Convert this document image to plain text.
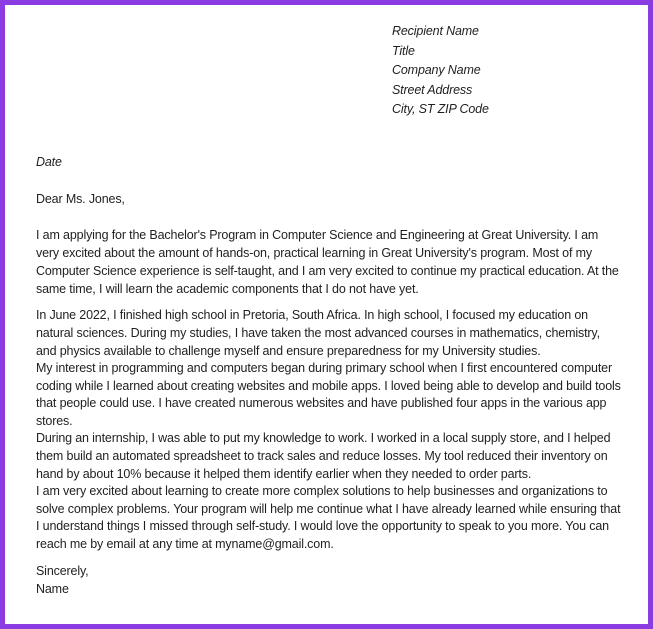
Recipient Name
Title
Company Name
Street Address
City, ST ZIP Code
Date
Dear Ms. Jones,
I am applying for the Bachelor's Program in Computer Science and Engineering at Great University. I am very excited about the amount of hands-on, practical learning in Great University's program. Most of my Computer Science experience is self-taught, and I am very excited to continue my practical education. At the same time, I will learn the academic components that I do not have yet.

In June 2022, I finished high school in Pretoria, South Africa. In high school, I focused my education on natural sciences. During my studies, I have taken the most advanced courses in mathematics, chemistry, and physics available to challenge myself and ensure preparedness for my University studies.

My interest in programming and computers began during primary school when I first encountered computer coding while I learned about creating websites and mobile apps. I loved being able to develop and build tools that people could use. I have created numerous websites and have published four apps in the various app stores.

During an internship, I was able to put my knowledge to work. I worked in a local supply store, and I helped them build an automated spreadsheet to track sales and reduce losses. My tool reduced their inventory on hand by about 10% because it helped them identify earlier when they needed to order parts.

I am very excited about learning to create more complex solutions to help businesses and organizations to solve complex problems. Your program will help me continue what I have already learned while ensuring that I understand things I missed through self-study. I would love the opportunity to speak to you more. You can reach me by email at any time at myname@gmail.com.

Sincerely,
Name
